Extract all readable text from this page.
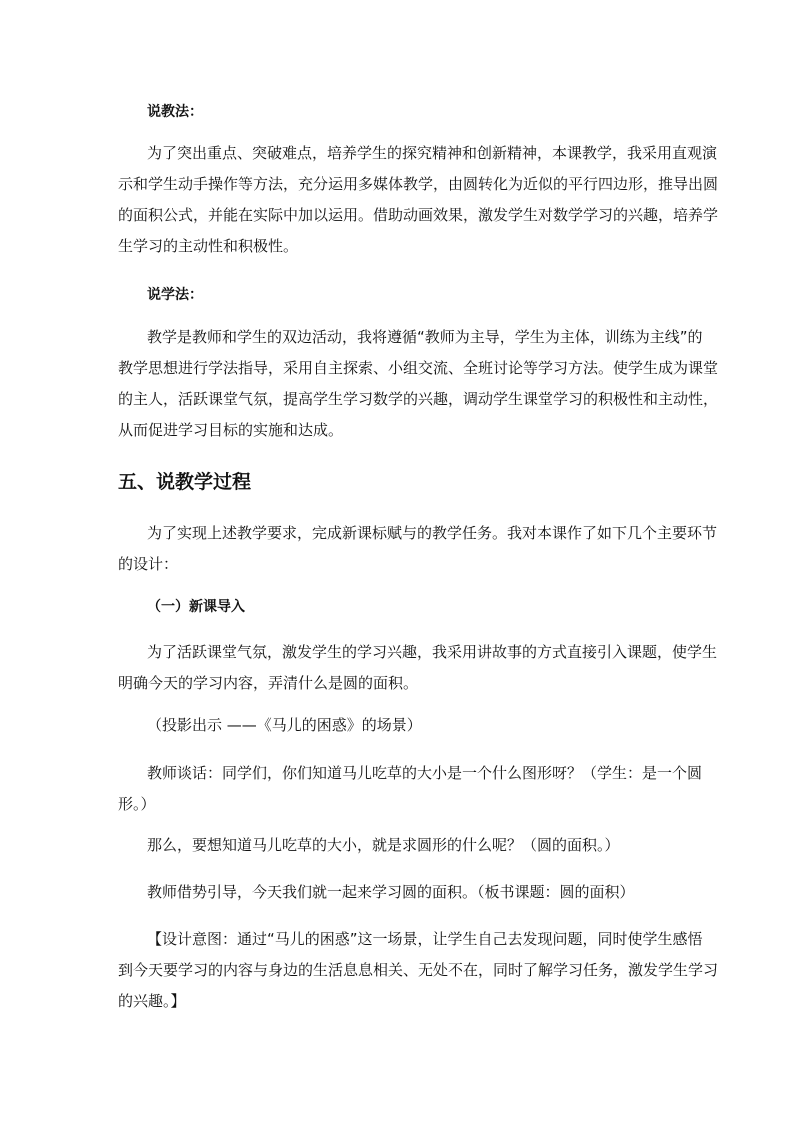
说教法：
为了突出重点、突破难点，培养学生的探究精神和创新精神，本课教学，我采用直观演
示和学生动手操作等方法，充分运用多媒体教学，由圆转化为近似的平行四边形，推导出圆
的面积公式，并能在实际中加以运用。借助动画效果，激发学生对数学学习的兴趣，培养学
生学习的主动性和积极性。
说学法：
教学是教师和学生的双边活动，我将遵循“教师为主导，学生为主体，训练为主线”的
教学思想进行学法指导，采用自主探索、小组交流、全班讨论等学习方法。使学生成为课堂
的主人，活跃课堂气氛，提高学生学习数学的兴趣，调动学生课堂学习的积极性和主动性，
从而促进学习目标的实施和达成。
五、说教学过程
为了实现上述教学要求，完成新课标赋与的教学任务。我对本课作了如下几个主要环节
的设计：
（一）新课导入
为了活跃课堂气氛，激发学生的学习兴趣，我采用讲故事的方式直接引入课题，使学生
明确今天的学习内容，弄清什么是圆的面积。
（投影出示 ——《马儿的困惑》的场景）
教师谈话：同学们，你们知道马儿吃草的大小是一个什么图形呀？（学生：是一个圆
形。）
那么，要想知道马儿吃草的大小，就是求圆形的什么呢？（圆的面积。）
教师借势引导，今天我们就一起来学习圆的面积。（板书课题：圆的面积）
【设计意图：通过“马儿的困惑”这一场景，让学生自己去发现问题，同时使学生感悟
到今天要学习的内容与身边的生活息息相关、无处不在，同时了解学习任务，激发学生学习
的兴趣。】
